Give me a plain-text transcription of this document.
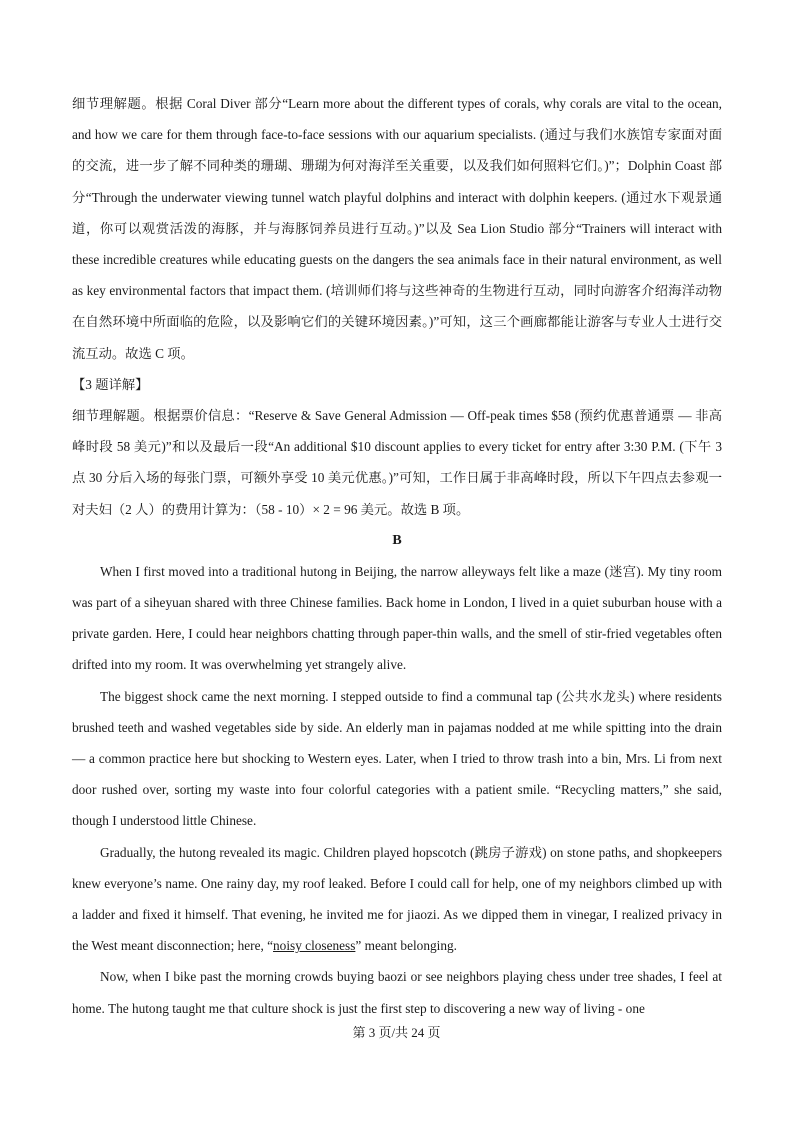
细节理解题。根据 Coral Diver 部分“Learn more about the different types of corals, why corals are vital to the ocean, and how we care for them through face-to-face sessions with our aquarium specialists. (通过与我们水族馆专家面对面的交流，进一步了解不同种类的珊瑚、珊瑚为何对海洋至关重要，以及我们如何照料它们。)”；Dolphin Coast 部分“Through the underwater viewing tunnel watch playful dolphins and interact with dolphin keepers. (通过水下观景通道，你可以观赏活泼的海豚，并与海豚饲养员进行互动。)”以及 Sea Lion Studio 部分“Trainers will interact with these incredible creatures while educating guests on the dangers the sea animals face in their natural environment, as well as key environmental factors that impact them. (培训师们将与这些神奇的生物进行互动，同时向游客介绍海洋动物在自然环境中所面临的危险，以及影响它们的关键环境因素。)”可知，这三个画廊都能让游客与专业人士进行交流互动。故选 C 项。

【3 题详解】

细节理解题。根据票价信息：“Reserve & Save General Admission — Off-peak times $58 (预约优惠普通票 — 非高峰时段 58 美元)”和以及最后一段“An additional $10 discount applies to every ticket for entry after 3:30 P.M. (下午 3 点 30 分后入场的每张门票，可额外享受 10 美元优惠。)”可知，工作日属于非高峰时段，所以下午四点去参观一对夫妇（2 人）的费用计算为：（58 - 10）× 2 = 96 美元。故选 B 项。

B

When I first moved into a traditional hutong in Beijing, the narrow alleyways felt like a maze (迷宫). My tiny room was part of a siheyuan shared with three Chinese families. Back home in London, I lived in a quiet suburban house with a private garden. Here, I could hear neighbors chatting through paper-thin walls, and the smell of stir-fried vegetables often drifted into my room. It was overwhelming yet strangely alive.

The biggest shock came the next morning. I stepped outside to find a communal tap (公共水龙头) where residents brushed teeth and washed vegetables side by side. An elderly man in pajamas nodded at me while spitting into the drain — a common practice here but shocking to Western eyes. Later, when I tried to throw trash into a bin, Mrs. Li from next door rushed over, sorting my waste into four colorful categories with a patient smile. “Recycling matters,” she said, though I understood little Chinese.

Gradually, the hutong revealed its magic. Children played hopscotch (跳房子游戏) on stone paths, and shopkeepers knew everyone’s name. One rainy day, my roof leaked. Before I could call for help, one of my neighbors climbed up with a ladder and fixed it himself. That evening, he invited me for jiaozi. As we dipped them in vinegar, I realized privacy in the West meant disconnection; here, “noisy closeness” meant belonging.

Now, when I bike past the morning crowds buying baozi or see neighbors playing chess under tree shades, I feel at home. The hutong taught me that culture shock is just the first step to discovering a new way of living - one

第 3 页/共 24 页
